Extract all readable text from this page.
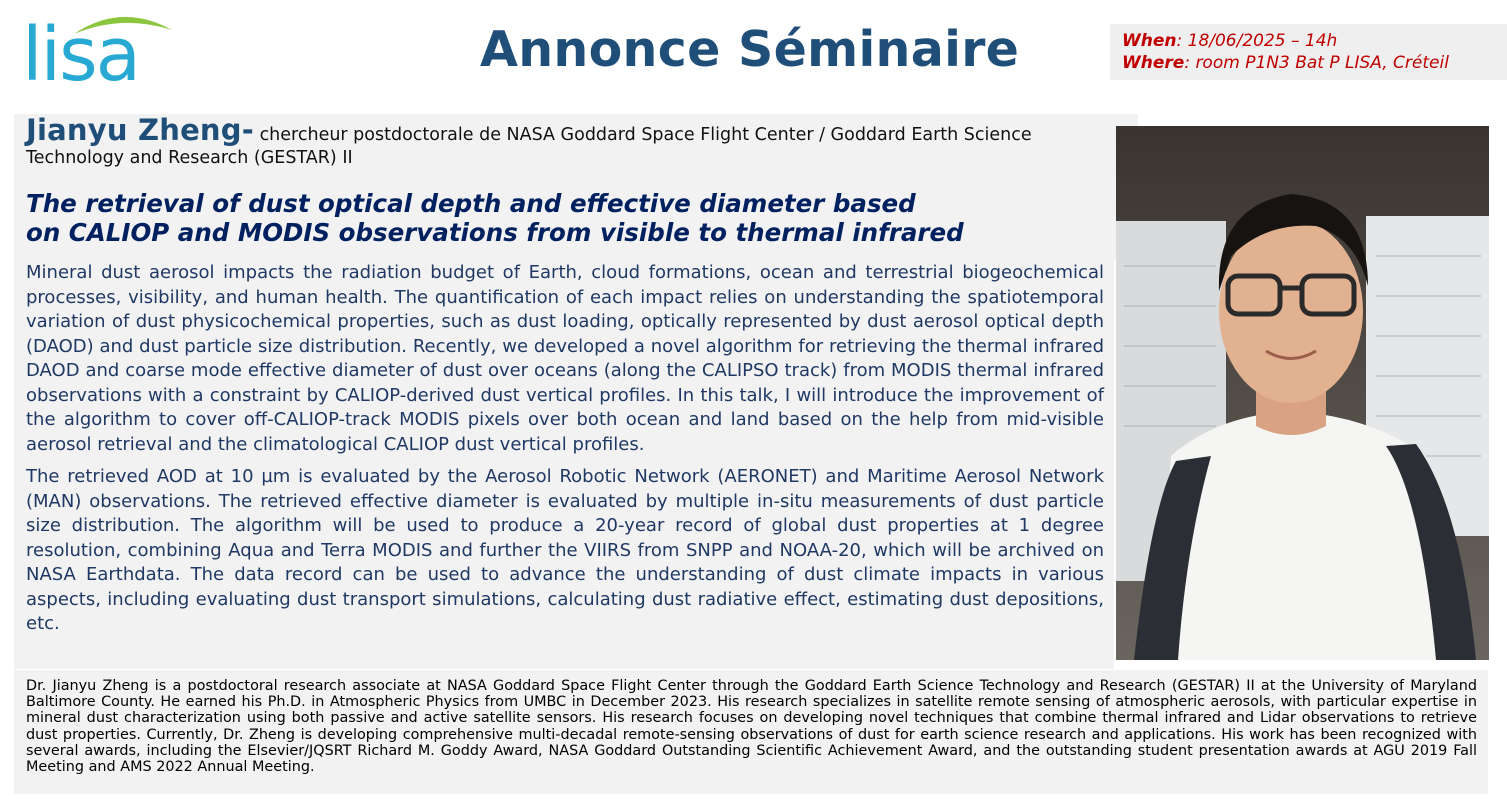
lisa	Annonce Séminaire	When: 18/06/2025 – 14h
Where: room P1N3 Bat P LISA, Créteil

Jianyu Zheng- chercheur postdoctorale de NASA Goddard Space Flight Center / Goddard Earth Science Technology and Research (GESTAR) II

The retrieval of dust optical depth and effective diameter based
on CALIOP and MODIS observations from visible to thermal infrared

Mineral dust aerosol impacts the radiation budget of Earth, cloud formations, ocean and terrestrial biogeochemical processes, visibility, and human health. The quantification of each impact relies on understanding the spatiotemporal variation of dust physicochemical properties, such as dust loading, optically represented by dust aerosol optical depth (DAOD) and dust particle size distribution. Recently, we developed a novel algorithm for retrieving the thermal infrared DAOD and coarse mode effective diameter of dust over oceans (along the CALIPSO track) from MODIS thermal infrared observations with a constraint by CALIOP-derived dust vertical profiles. In this talk, I will introduce the improvement of the algorithm to cover off-CALIOP-track MODIS pixels over both ocean and land based on the help from mid-visible aerosol retrieval and the climatological CALIOP dust vertical profiles.

The retrieved AOD at 10 µm is evaluated by the Aerosol Robotic Network (AERONET) and Maritime Aerosol Network (MAN) observations. The retrieved effective diameter is evaluated by multiple in-situ measurements of dust particle size distribution. The algorithm will be used to produce a 20-year record of global dust properties at 1 degree resolution, combining Aqua and Terra MODIS and further the VIIRS from SNPP and NOAA-20, which will be archived on NASA Earthdata. The data record can be used to advance the understanding of dust climate impacts in various aspects, including evaluating dust transport simulations, calculating dust radiative effect, estimating dust depositions, etc.

Dr. Jianyu Zheng is a postdoctoral research associate at NASA Goddard Space Flight Center through the Goddard Earth Science Technology and Research (GESTAR) II at the University of Maryland Baltimore County. He earned his Ph.D. in Atmospheric Physics from UMBC in December 2023. His research specializes in satellite remote sensing of atmospheric aerosols, with particular expertise in mineral dust characterization using both passive and active satellite sensors. His research focuses on developing novel techniques that combine thermal infrared and Lidar observations to retrieve dust properties. Currently, Dr. Zheng is developing comprehensive multi-decadal remote-sensing observations of dust for earth science research and applications. His work has been recognized with several awards, including the Elsevier/JQSRT Richard M. Goddy Award, NASA Goddard Outstanding Scientific Achievement Award, and the outstanding student presentation awards at AGU 2019 Fall Meeting and AMS 2022 Annual Meeting.
